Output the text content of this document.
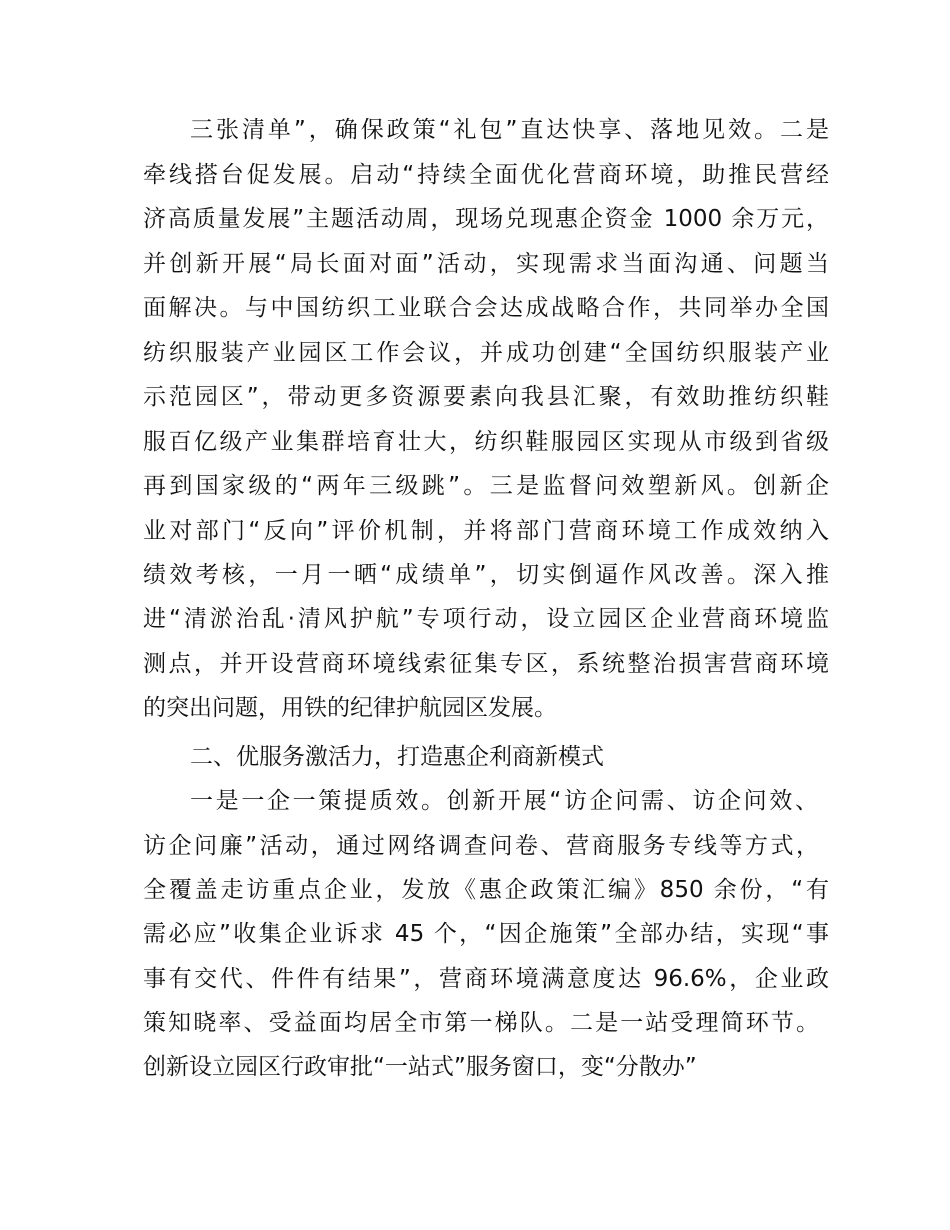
三张清单”，确保政策“礼包”直达快享、落地见效。二是
牵线搭台促发展。启动“持续全面优化营商环境，助推民营经
济高质量发展”主题活动周，现场兑现惠企资金 1000 余万元，
并创新开展“局长面对面”活动，实现需求当面沟通、问题当
面解决。与中国纺织工业联合会达成战略合作，共同举办全国
纺织服装产业园区工作会议，并成功创建“全国纺织服装产业
示范园区”，带动更多资源要素向我县汇聚，有效助推纺织鞋
服百亿级产业集群培育壮大，纺织鞋服园区实现从市级到省级
再到国家级的“两年三级跳”。三是监督问效塑新风。创新企
业对部门“反向”评价机制，并将部门营商环境工作成效纳入
绩效考核，一月一晒“成绩单”，切实倒逼作风改善。深入推
进“清淤治乱·清风护航”专项行动，设立园区企业营商环境监
测点，并开设营商环境线索征集专区，系统整治损害营商环境
的突出问题，用铁的纪律护航园区发展。
二、优服务激活力，打造惠企利商新模式
一是一企一策提质效。创新开展“访企问需、访企问效、
访企问廉”活动，通过网络调查问卷、营商服务专线等方式，
全覆盖走访重点企业，发放《惠企政策汇编》850 余份，“有
需必应”收集企业诉求 45 个，“因企施策”全部办结，实现“事
事有交代、件件有结果”，营商环境满意度达 96.6%，企业政
策知晓率、受益面均居全市第一梯队。二是一站受理简环节。
创新设立园区行政审批“一站式”服务窗口，变“分散办”
